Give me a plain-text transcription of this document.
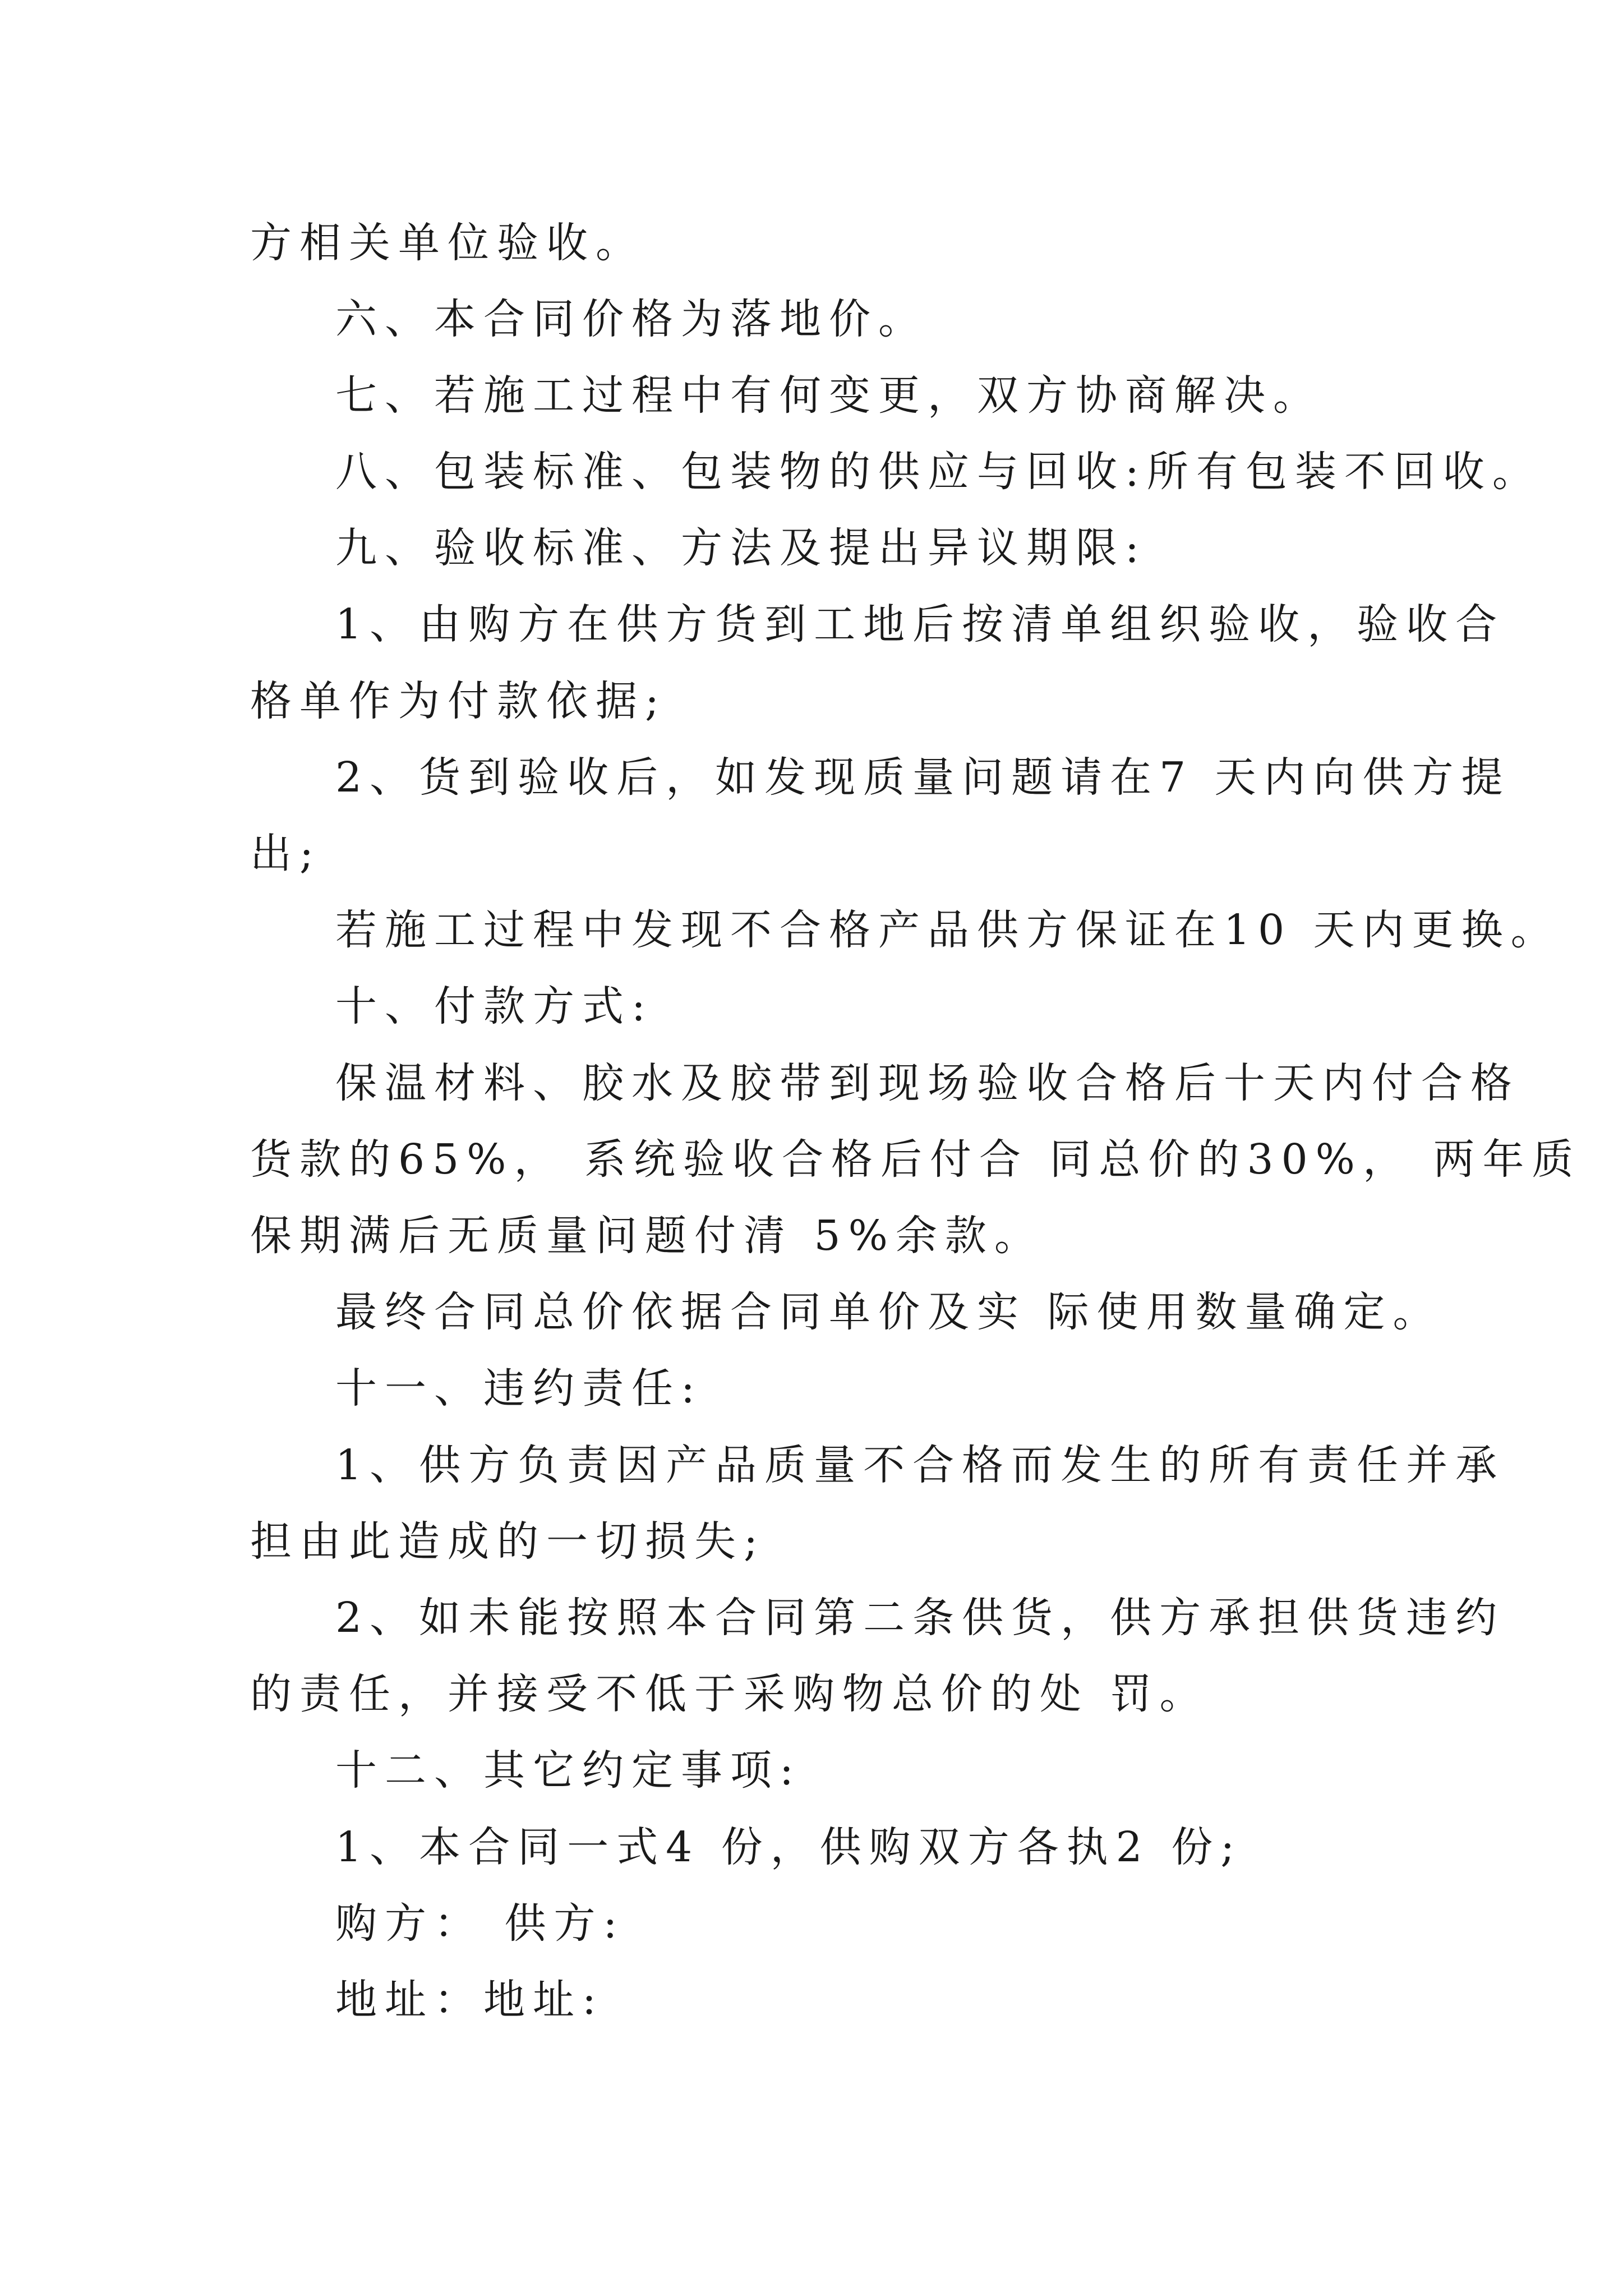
方相关单位验收。
六、本合同价格为落地价。
七、若施工过程中有何变更，双方协商解决。
八、包装标准、包装物的供应与回收:所有包装不回收。
九、验收标准、方法及提出异议期限:
1、由购方在供方货到工地后按清单组织验收，验收合
格单作为付款依据;
2、货到验收后，如发现质量问题请在7 天内向供方提
出;
若施工过程中发现不合格产品供方保证在10 天内更换。
十、付款方式:
保温材料、胶水及胶带到现场验收合格后十天内付合格
货款的65%， 系统验收合格后付合 同总价的30%， 两年质
保期满后无质量问题付清 5%余款。
最终合同总价依据合同单价及实 际使用数量确定。
十一、违约责任:
1、供方负责因产品质量不合格而发生的所有责任并承
担由此造成的一切损失;
2、如未能按照本合同第二条供货，供方承担供货违约
的责任，并接受不低于采购物总价的处 罚。
十二、其它约定事项:
1、本合同一式4 份，供购双方各执2 份;
购方： 供方:
地址：地址:
